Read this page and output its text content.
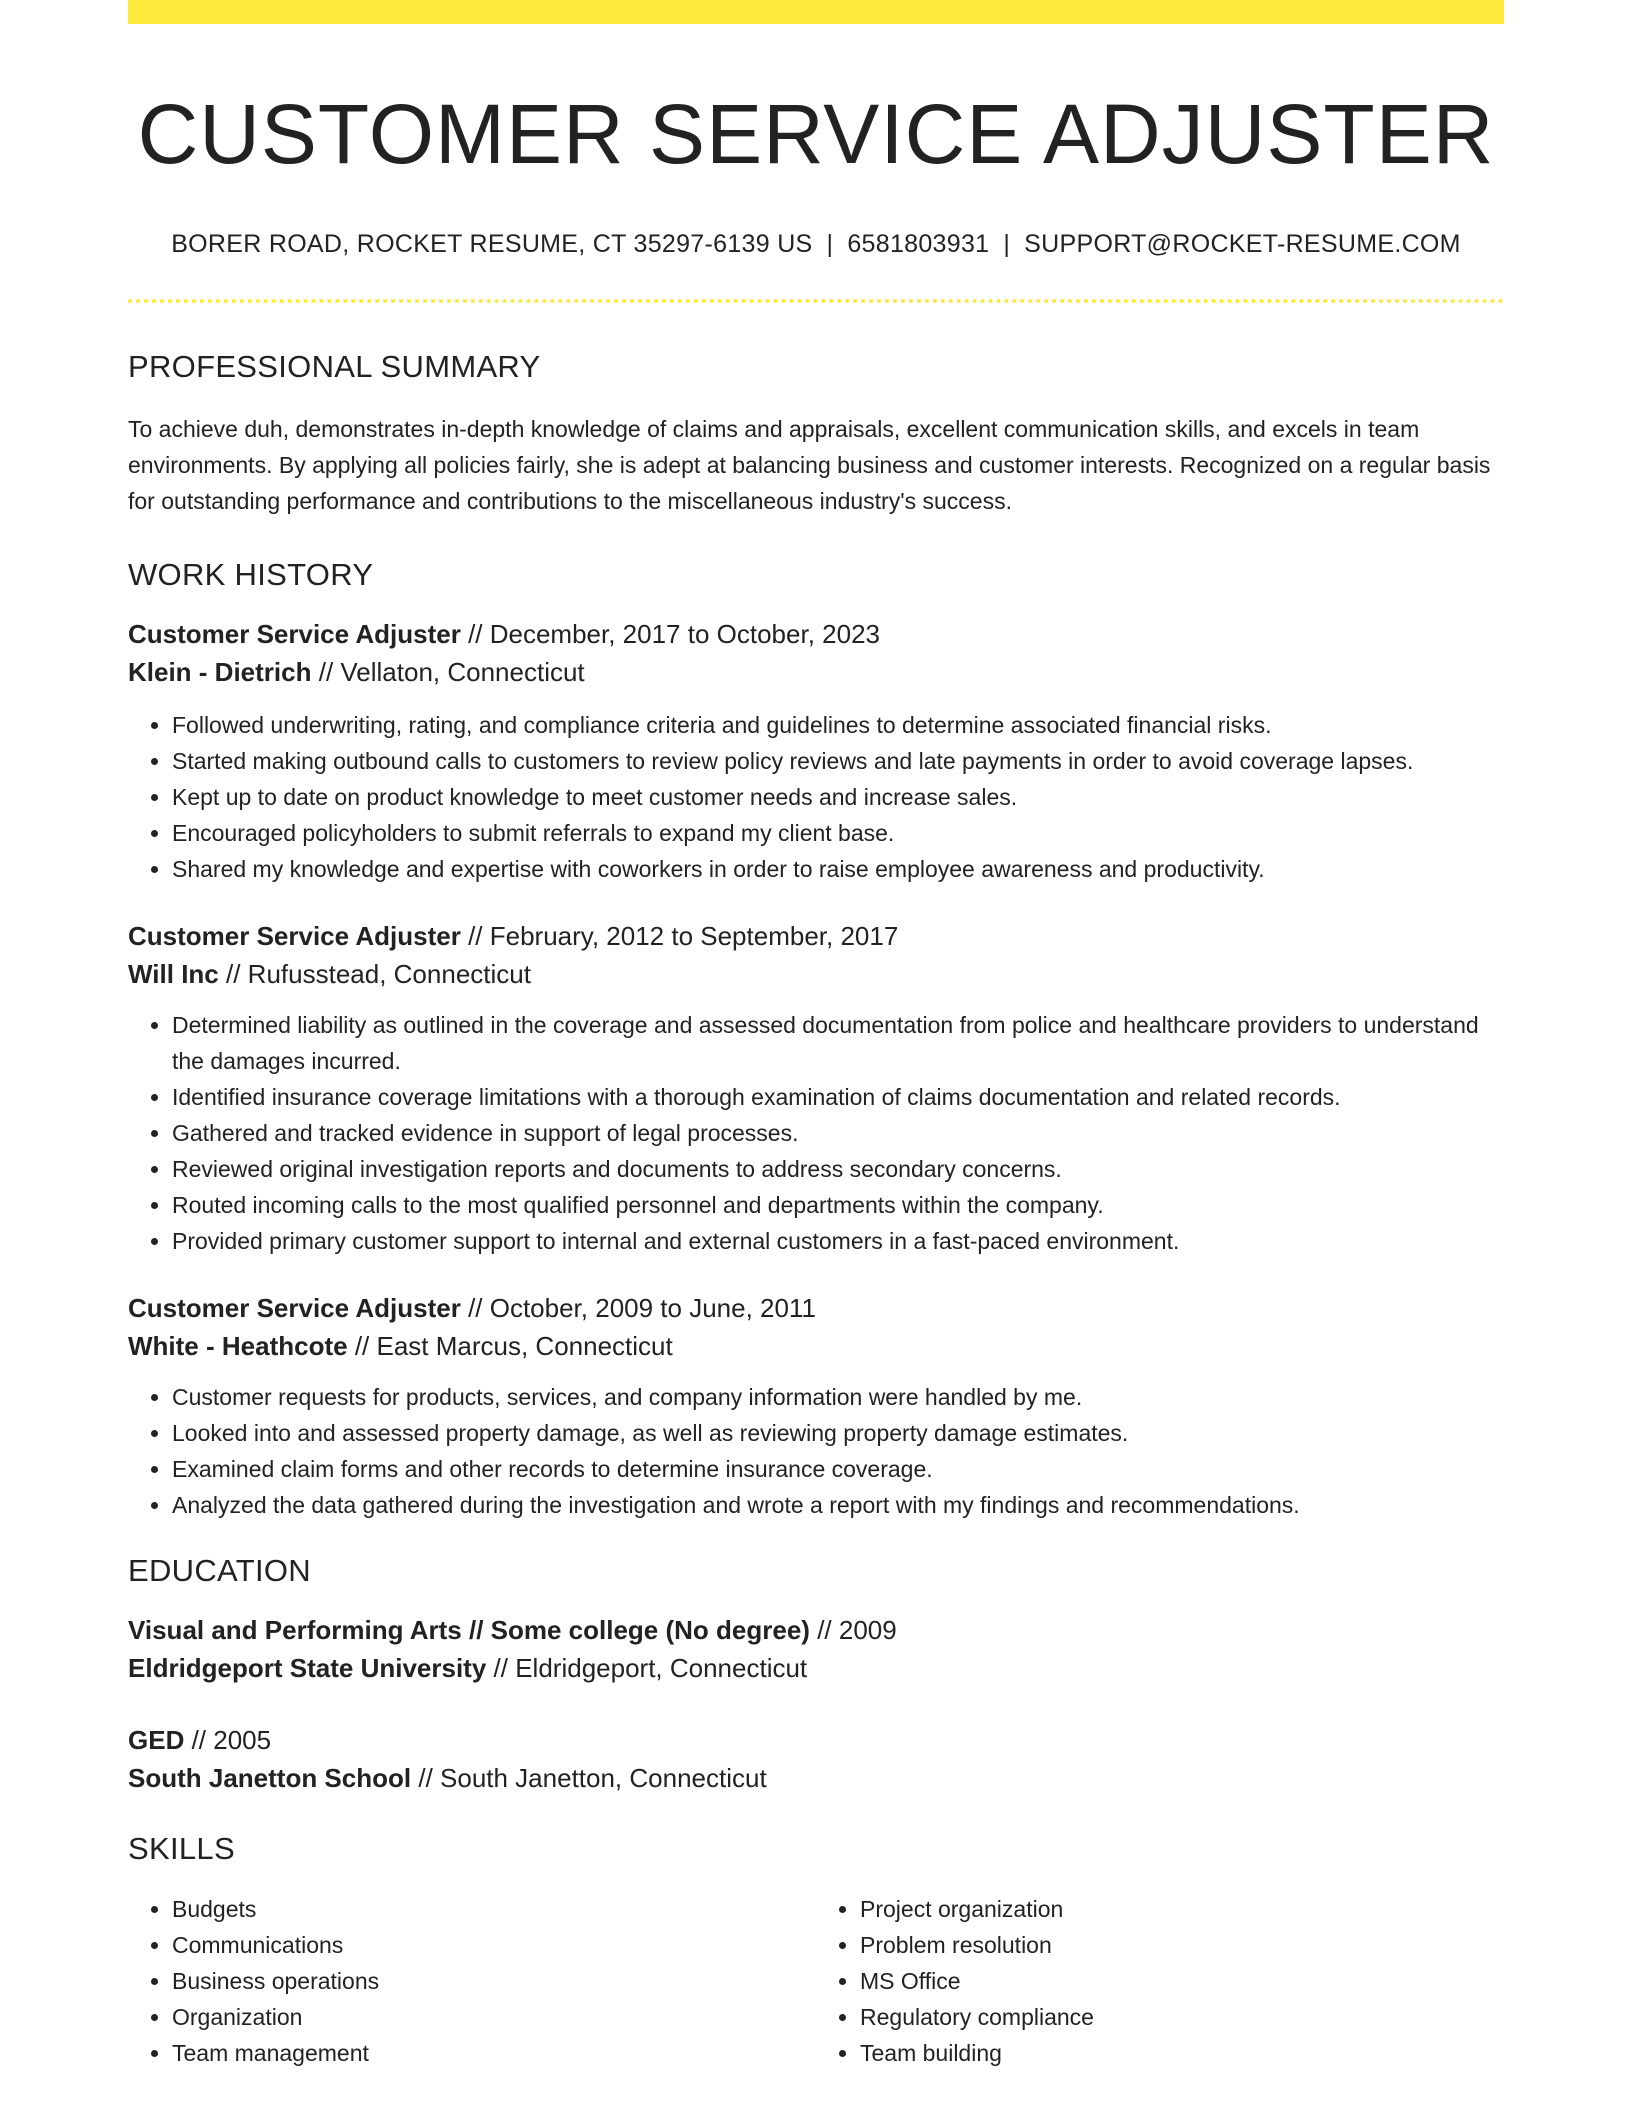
CUSTOMER SERVICE ADJUSTER
BORER ROAD, ROCKET RESUME, CT 35297-6139 US | 6581803931 | SUPPORT@ROCKET-RESUME.COM
PROFESSIONAL SUMMARY

To achieve duh, demonstrates in-depth knowledge of claims and appraisals, excellent communication skills, and excels in team environments. By applying all policies fairly, she is adept at balancing business and customer interests. Recognized on a regular basis for outstanding performance and contributions to the miscellaneous industry's success.

WORK HISTORY
Customer Service Adjuster // December, 2017 to October, 2023
Klein - Dietrich // Vellaton, Connecticut
• Followed underwriting, rating, and compliance criteria and guidelines to determine associated financial risks.
• Started making outbound calls to customers to review policy reviews and late payments in order to avoid coverage lapses.
• Kept up to date on product knowledge to meet customer needs and increase sales.
• Encouraged policyholders to submit referrals to expand my client base.
• Shared my knowledge and expertise with coworkers in order to raise employee awareness and productivity.
Customer Service Adjuster // February, 2012 to September, 2017
Will Inc // Rufusstead, Connecticut
• Determined liability as outlined in the coverage and assessed documentation from police and healthcare providers to understand the damages incurred.
• Identified insurance coverage limitations with a thorough examination of claims documentation and related records.
• Gathered and tracked evidence in support of legal processes.
• Reviewed original investigation reports and documents to address secondary concerns.
• Routed incoming calls to the most qualified personnel and departments within the company.
• Provided primary customer support to internal and external customers in a fast-paced environment.
Customer Service Adjuster // October, 2009 to June, 2011
White - Heathcote // East Marcus, Connecticut
• Customer requests for products, services, and company information were handled by me.
• Looked into and assessed property damage, as well as reviewing property damage estimates.
• Examined claim forms and other records to determine insurance coverage.
• Analyzed the data gathered during the investigation and wrote a report with my findings and recommendations.
EDUCATION
Visual and Performing Arts // Some college (No degree) // 2009
Eldridgeport State University // Eldridgeport, Connecticut
GED // 2005
South Janetton School // South Janetton, Connecticut
SKILLS
• Budgets
• Communications
• Business operations
• Organization
• Team management
• Project organization
• Problem resolution
• MS Office
• Regulatory compliance
• Team building
